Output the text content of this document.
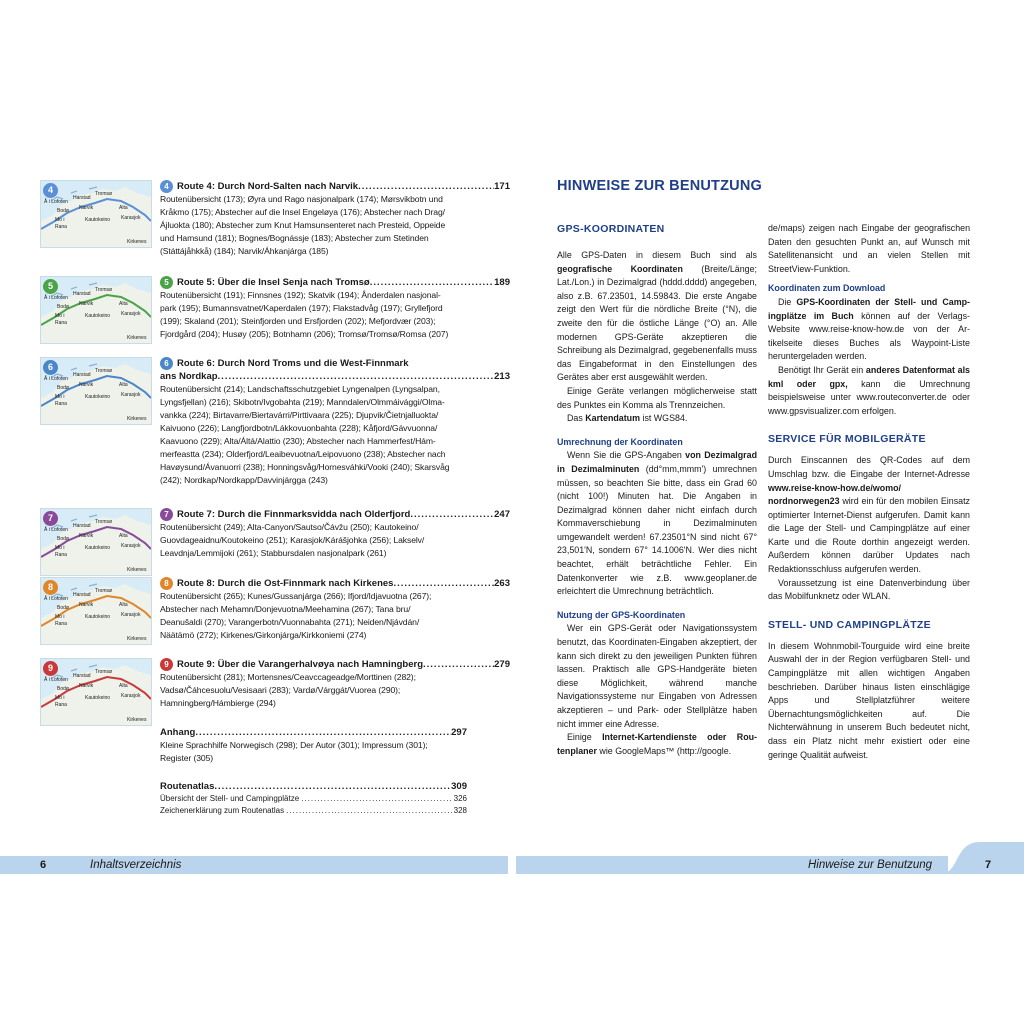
Å i Lofoten
Harstad
Tromsø
Bodø Narvik	Alta
Mo i
Rana
Kautokeino Karasjok
Kirkenes
4	4 Route 4: Durch Nord-Salten nach Narvik .....	171
Routenübersicht (173); Øyra und Rago nasjonalpark (174); Mørsvikbotn und
Kråkmo (175); Abstecher auf die Insel Engeløya (176); Abstecher nach Drag/
Ájluokta (180); Abstecher zum Knut Hamsunsenteret nach Presteid, Oppeide
und Hamsund (181); Bognes/Bognássje (183); Abstecher zum Stetinden
(Státtájåhkkå) (184); Narvik/Áhkanjárga (185)
Å i Lofoten
Harstad
Tromsø
Bodø Narvik	Alta
Mo i
Rana
Kautokeino Karasjok
Kirkenes
5	5 Route 5: Über die Insel Senja nach Tromsø .....	189
Routenübersicht (191); Finnsnes (192); Skatvik (194); Ånderdalen nasjonal-
park (195); Bumannsvatnet/Kaperdalen (197); Flakstadvåg (197); Gryllefjord
(199); Skaland (201); Steinfjorden und Ersfjorden (202); Mefjordvær (203);
Fjordgård (204); Husøy (205); Botnhamn (206); Tromsø/Tromsø/Romsa (207)
Å i Lofoten
Harstad
Tromsø
Bodø Narvik	Alta
Mo i
Rana
Kautokeino Karasjok
Kirkenes
6	6 Route 6: Durch Nord Troms und die West-Finnmark
ans Nordkap .....	213
Routenübersicht (214); Landschaftsschutzgebiet Lyngenalpen (Lyngsalpan,
Lyngsfjellan) (216); Skibotn/Ivgobahta (219); Manndalen/Olmmáivággi/Olma-
vankka (224); Birtavarre/Biertavárri/Pirttivaara (225); Djupvik/Čietnjalluokta/
Kaivuono (226); Langfjordbotn/Lákkovuonbahta (228); Kåfjord/Gávvuonna/
Kaavuono (229); Alta/Áltá/Alattio (230); Abstecher nach Hammerfest/Hám-
merfeastta (234); Olderfjord/Leaibevuotna/Leipovuono (238); Abstecher nach
Havøysund/Ávanuorri (238); Honningsvåg/Hornesváhki/Vooki (240); Skarsvåg
(242); Nordkap/Nordkapp/Davvinjárgga (243)
Å i Lofoten
Harstad
Tromsø
Bodø Narvik	Alta
Mo i
Rana
Kautokeino Karasjok
Kirkenes
7	7 Route 7: Durch die Finnmarksvidda nach Olderfjord .....	247
Routenübersicht (249); Alta-Canyon/Sautso/Čávžu (250); Kautokeino/
Guovdageaidnu/Koutokeino (251); Karasjok/Kárášjohka (256); Lakselv/
Leavdnja/Lemmijoki (261); Stabbursdalen nasjonalpark (261)
Å i Lofoten
Harstad
Tromsø
Bodø Narvik	Alta
Mo i
Rana
Kautokeino Karasjok
Kirkenes
8	8 Route 8: Durch die Ost-Finnmark nach Kirkenes .....	263
Routenübersicht (265); Kunes/Gussanjárga (266); Ifjord/Idjavuotna (267);
Abstecher nach Mehamn/Donjevuotna/Meehamina (267); Tana bru/
Deanušaldi (270); Varangerbotn/Vuonnabahta (271); Neiden/Njávdán/
Näätämö (272); Kirkenes/Girkonjárga/Kirkkoniemi (274)
Å i Lofoten
Harstad
Tromsø
Bodø Narvik	Alta
Mo i
Rana
Kautokeino Karasjok
Kirkenes
9	9 Route 9: Über die Varangerhalvøya nach Hamningberg .....	279
Routenübersicht (281); Mortensnes/Ceavccageadge/Morttinen (282);
Vadsø/Čáhcesuolu/Vesisaari (283); Vardø/Várggát/Vuorea (290);
Hamningberg/Hámbierge (294)
Anhang .....	297
Kleine Sprachhilfe Norwegisch (298); Der Autor (301); Impressum (301);
Register (305)
Routenatlas .....	309
Übersicht der Stell- und Campingplätze .....	326
Zeichenerklärung zum Routenatlas .....	328
HINWEISE ZUR BENUTZUNG

GPS-KOORDINATEN

Alle GPS-Daten in diesem Buch sind als geografische Koordinaten (Breite/Länge; Lat./Lon.) in Dezimalgrad (hddd.dddd) angegeben, also z.B. 67.23501, 14.59843. Die erste Angabe zeigt den Wert für die nördliche Breite (°N), die zweite den für die östliche Länge (°O) an. Alle modernen GPS-Geräte akzeptieren die Schreibung als Dezimalgrad, gegebenenfalls muss das Eingabeformat in den Einstellungen des Gerätes aber erst ausgewählt werden.

Einige Geräte verlangen möglicherweise statt des Punktes ein Komma als Trennzeichen.

Das Kartendatum ist WGS84.

Umrechnung der Koordinaten

Wenn Sie die GPS-Angaben von Dezimalgrad in Dezimalminuten (dd°mm,mmm') umrechnen müssen, so beachten Sie bitte, dass ein Grad 60 (nicht 100!) Minuten hat. Die Angaben in Dezimalgrad können daher nicht einfach durch Kommaverschiebung in Dezimalminuten umgewandelt werden! 67.23501°N sind nicht 67° 23,501'N, sondern 67° 14.1006'N. Wer dies nicht beachtet, erhält beträchtliche Fehler. Ein Datenkonverter wie z.B. www.geoplaner.de erleichtert die Umrechnung beträchtlich.

Nutzung der GPS-Koordinaten

Wer ein GPS-Gerät oder Navigationssystem benutzt, das Koordinaten-Eingaben akzeptiert, der kann sich direkt zu den jeweiligen Punkten führen lassen. Praktisch alle GPS-Handgeräte bieten diese Möglichkeit, während manche Navigationssysteme nur Eingaben von Adressen akzeptieren – und Park- oder Stellplätze haben nicht immer eine Adresse.

Einige Internet-Kartendienste oder Routenplaner wie GoogleMaps™ (http://google.

de/maps) zeigen nach Eingabe der geografischen Daten den gesuchten Punkt an, auf Wunsch mit Satellitenansicht und an vielen Stellen mit StreetView-Funktion.

Koordinaten zum Download

Die GPS-Koordinaten der Stell- und Campingplätze im Buch können auf der Verlags-Website www.reise-know-how.de von der Artikelseite dieses Buches als Waypoint-Liste heruntergeladen werden.

Benötigt Ihr Gerät ein anderes Datenformat als kml oder gpx, kann die Umrechnung beispielsweise unter www.routeconverter.de oder www.gpsvisualizer.com erfolgen.

SERVICE FÜR MOBILGERÄTE

Durch Einscannen des QR-Codes auf dem Umschlag bzw. die Eingabe der Internet-Adresse www.reise-know-how.de/womo/ nordnorwegen23 wird ein für den mobilen Einsatz optimierter Internet-Dienst aufgerufen. Damit kann die Lage der Stell- und Campingplätze auf einer Karte und die Route dorthin angezeigt werden. Außerdem können darüber Updates nach Redaktionsschluss aufgerufen werden.

Voraussetzung ist eine Datenverbindung über das Mobilfunknetz oder WLAN.

STELL- UND CAMPINGPLÄTZE

In diesem Wohnmobil-Tourguide wird eine breite Auswahl der in der Region verfügbaren Stell- und Campingplätze mit allen wichtigen Angaben beschrieben. Darüber hinaus listen einschlägige Apps und Stellplatzführer weitere Übernachtungsmöglichkeiten auf. Die Nichterwähnung in unserem Buch bedeutet nicht, dass ein Platz nicht mehr existiert oder eine geringe Qualität aufweist.

6	Inhaltsverzeichnis	Hinweise zur Benutzung	7
